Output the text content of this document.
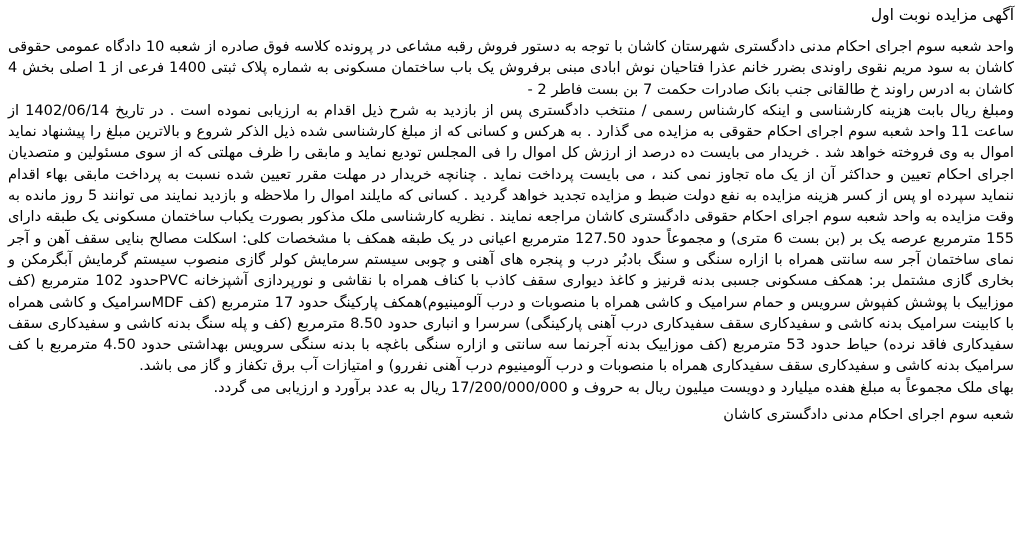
آگهی مزایده نوبت اول

واحد شعبه سوم اجرای احکام مدنی دادگستری شهرستان کاشان با توجه به دستور فروش رقبه مشاعی در پرونده کلاسه فوق صادره از شعبه 10 دادگاه عمومی حقوقی کاشان به سود مریم نقوی راوندی بضرر خانم عذرا فتاحیان نوش ابادی مبنی برفروش یک باب ساختمان مسکونی به شماره پلاک ثبتی 1400 فرعی از 1 اصلی بخش 4 کاشان به ادرس راوند خ طالقانی جنب بانک صادرات حکمت 7 بن بست فاطر 2 -

ومبلغ ریال بابت هزینه کارشناسی و اینکه کارشناس رسمی / منتخب دادگستری پس از بازدید به شرح ذیل اقدام به ارزیابی نموده است . در تاریخ 1402/06/14 از ساعت 11 واحد شعبه سوم اجرای احکام حقوقی به مزایده می گذارد . به هرکس و کسانی که از مبلغ کارشناسی شده ذیل الذکر شروع و بالاترین مبلغ را پیشنهاد نماید اموال به وی فروخته خواهد شد . خریدار می بایست ده درصد از ارزش کل اموال را فی المجلس تودیع نماید و مابقی را ظرف مهلتی که از سوی مسئولین و متصدیان اجرای احکام تعیین و حداکثر آن از یک ماه تجاوز نمی کند ، می بایست پرداخت نماید . چنانچه خریدار در مهلت مقرر تعیین شده نسبت به پرداخت مابقی بهاء اقدام ننماید سپرده او پس از کسر هزینه مزایده به نفع دولت ضبط و مزایده تجدید خواهد گردید . کسانی که مایلند اموال را ملاحظه و بازدید نمایند می توانند 5 روز مانده به وقت مزایده به واحد شعبه سوم اجرای احکام حقوقی دادگستری کاشان مراجعه نمایند . نظریه کارشناسی ملک مذکور بصورت یکباب ساختمان مسکونی یک طبقه دارای 155 مترمربع عرصه یک بر (بن بست 6 متری) و مجموعاً حدود 127.50 مترمربع اعیانی در یک طبقه همکف با مشخصات کلی: اسکلت مصالح بنایی سقف آهن و آجر نمای ساختمان آجر سه سانتی همراه با ازاره سنگی و سنگ بادبُر درب و پنجره های آهنی و چوبی سیستم سرمایش کولر گازی منصوب سیستم گرمایش آبگرمکن و بخاری گازی مشتمل بر: همکف مسکونی جسبی بدنه قرنیز و کاغذ دیواری سقف کاذب با کناف همراه با نقاشی و نورپردازی آشپزخانه PVCحدود 102 مترمربع (کف موزاییک با پوشش کفپوش سرویس و حمام سرامیک و کاشی همراه با منصوبات و درب آلومینیوم)همکف پارکینگ حدود 17 مترمربع (کف MDFسرامیک و کاشی همراه با کابینت سرامیک بدنه کاشی و سفیدکاری سقف سفیدکاری درب آهنی پارکینگی) سرسرا و انباری حدود 8.50 مترمربع (کف و پله سنگ بدنه کاشی و سفیدکاری سقف سفیدکاری فاقد نرده) حیاط حدود 53 مترمربع (کف موزاییک بدنه آجرنما سه سانتی و ازاره سنگی باغچه با بدنه سنگی سرویس بهداشتی حدود 4.50 مترمربع با کف سرامیک بدنه کاشی و سفیدکاری سقف سفیدکاری همراه با منصوبات و درب آلومینیوم درب آهنی نفررو) و امتیازات آب برق تکفاز و گاز می باشد.

بهای ملک مجموعاً به مبلغ هفده میلیارد و دویست میلیون ریال به حروف و 17/200/000/000 ریال به عدد برآورد و ارزیابی می گردد.

شعبه سوم اجرای احکام مدنی دادگستری کاشان
